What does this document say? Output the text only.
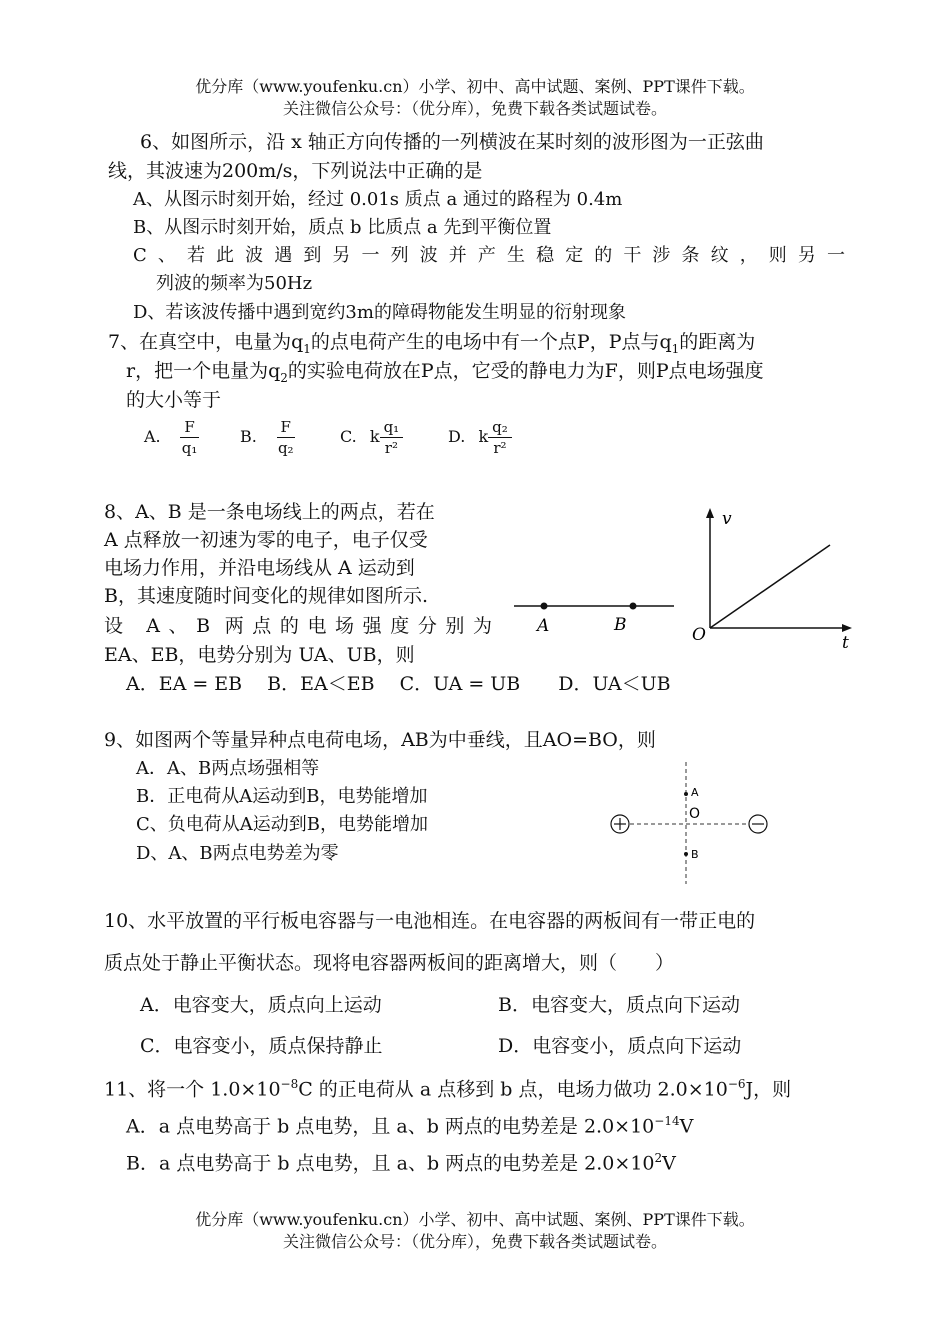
优分库（www.youfenku.cn）小学、初中、高中试题、案例、PPT课件下载。
关注微信公众号：（优分库），免费下载各类试题试卷。
6、如图所示，沿 x 轴正方向传播的一列横波在某时刻的波形图为一正弦曲
线，其波速为200m/s，下列说法中正确的是
A、从图示时刻开始，经过 0.01s 质点 a 通过的路程为 0.4m
B、从图示时刻开始，质点 b 比质点 a 先到平衡位置
C、若此波遇到另一列波并产生稳定的干涉条纹，则另一
列波的频率为50Hz
D、若该波传播中遇到宽约3m的障碍物能发生明显的衍射现象
7、在真空中，电量为$q_1$的点电荷产生的电场中有一个点P，P点与$q_1$的距离为
r，把一个电量为$q_2$的实验电荷放在P点，它受的静电力为F，则P点电场强度
的大小等于
A. $\frac{F}{\text{q₁}} B$. $\frac{F}{\text{q₂}}$	C. k $\frac{\text{q₁}}{\text{r²}}$	D. k $\frac{\text{q₂}}{\text{r²}}$
8、A、B 是一条电场线上的两点，若在
A 点释放一初速为零的电子，电子仅受
电场力作用，并沿电场线从 A 运动到
B，其速度随时间变化的规律如图所示.
设 A、B 两点的电场强度分别为
EA、EB，电势分别为 UA、UB，则
A．EA = EB　 B．EA＜EB　 C．UA = UB　　D．UA＜UB
A	B
v
t
O
9、如图两个等量异种点电荷电场，AB为中垂线，且AO=BO，则
A．A、B两点场强相等
B．正电荷从A运动到B，电势能增加
C、负电荷从A运动到B，电势能增加
D、A、B两点电势差为零
A
O
B
10、水平放置的平行板电容器与一电池相连。在电容器的两板间有一带正电的
质点处于静止平衡状态。现将电容器两板间的距离增大，则（　　）
A．电容变大，质点向上运动	B．电容变大，质点向下运动
C．电容变小，质点保持静止	D．电容变小，质点向下运动
11、将一个 $1.0\times 10^{-8}C$ 的正电荷从 a 点移到 b 点，电场力做功 $2.0\times 10^{-6}J$，则
A．a 点电势高于 b 点电势，且 a、b 两点的电势差是 $2.0\times 10^{-14}V$
B．a 点电势高于 b 点电势，且 a、b 两点的电势差是 $2.0\times 10^2V$
优分库（www.youfenku.cn）小学、初中、高中试题、案例、PPT课件下载。
关注微信公众号：（优分库），免费下载各类试题试卷。
